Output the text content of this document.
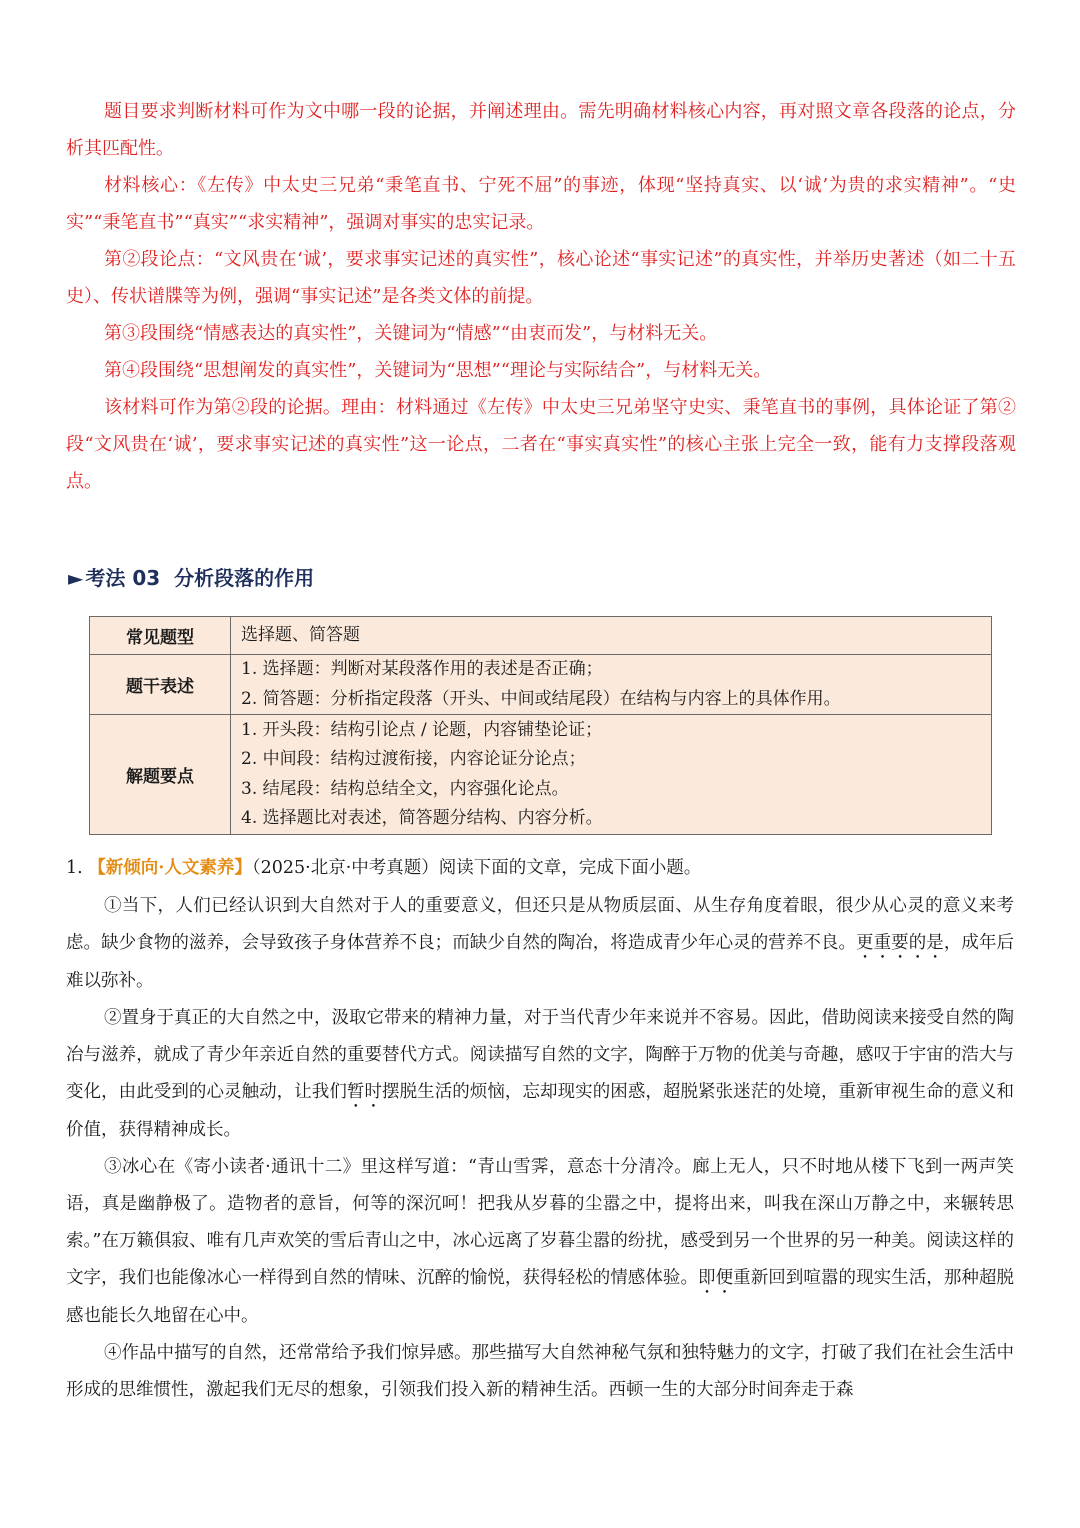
题目要求判断材料可作为文中哪一段的论据，并阐述理由。需先明确材料核心内容，再对照文章各段落的论点，分析其匹配性。

材料核心：《左传》中太史三兄弟“秉笔直书、宁死不屈”的事迹，体现“坚持真实、以‘诚’为贵的求实精神”。“史实”“秉笔直书”“真实”“求实精神”，强调对事实的忠实记录。

第②段论点：“文风贵在‘诚’，要求事实记述的真实性”，核心论述“事实记述”的真实性，并举历史著述（如二十五史）、传状谱牒等为例，强调“事实记述”是各类文体的前提。

第③段围绕“情感表达的真实性”，关键词为“情感”“由衷而发”，与材料无关。

第④段围绕“思想阐发的真实性”，关键词为“思想”“理论与实际结合”，与材料无关。

该材料可作为第②段的论据。理由：材料通过《左传》中太史三兄弟坚守史实、秉笔直书的事例，具体论证了第②段“文风贵在‘诚’，要求事实记述的真实性”这一论点，二者在“事实真实性”的核心主张上完全一致，能有力支撑段落观点。

► 考法 03  分析段落的作用
常见题型	选择题、简答题

题干表述	1. 选择题：判断对某段落作用的表述是否正确；
2. 简答题：分析指定段落（开头、中间或结尾段）在结构与内容上的具体作用。

解题要点	1. 开头段：结构引论点 / 论题，内容铺垫论证；
2. 中间段：结构过渡衔接，内容论证分论点；
3. 结尾段：结构总结全文，内容强化论点。
4. 选择题比对表述，简答题分结构、内容分析。
1. 【新倾向·人文素养】（2025·北京·中考真题）阅读下面的文章，完成下面小题。

①当下，人们已经认识到大自然对于人的重要意义，但还只是从物质层面、从生存角度着眼，很少从心灵的意义来考虑。缺少食物的滋养，会导致孩子身体营养不良；而缺少自然的陶冶，将造成青少年心灵的营养不良。更重要的是，成年后难以弥补。

②置身于真正的大自然之中，汲取它带来的精神力量，对于当代青少年来说并不容易。因此，借助阅读来接受自然的陶冶与滋养，就成了青少年亲近自然的重要替代方式。阅读描写自然的文字，陶醉于万物的优美与奇趣，感叹于宇宙的浩大与变化，由此受到的心灵触动，让我们暂时摆脱生活的烦恼，忘却现实的困惑，超脱紧张迷茫的处境，重新审视生命的意义和价值，获得精神成长。

③冰心在《寄小读者·通讯十二》里这样写道：“青山雪霁，意态十分清冷。廊上无人，只不时地从楼下飞到一两声笑语，真是幽静极了。造物者的意旨，何等的深沉呵！把我从岁暮的尘嚣之中，提将出来，叫我在深山万静之中，来辗转思索。”在万籁俱寂、唯有几声欢笑的雪后青山之中，冰心远离了岁暮尘嚣的纷扰，感受到另一个世界的另一种美。阅读这样的文字，我们也能像冰心一样得到自然的情味、沉醉的愉悦，获得轻松的情感体验。即便重新回到喧嚣的现实生活，那种超脱感也能长久地留在心中。

④作品中描写的自然，还常常给予我们惊异感。那些描写大自然神秘气氛和独特魅力的文字，打破了我们在社会生活中形成的思维惯性，激起我们无尽的想象，引领我们投入新的精神生活。西顿一生的大部分时间奔走于森
